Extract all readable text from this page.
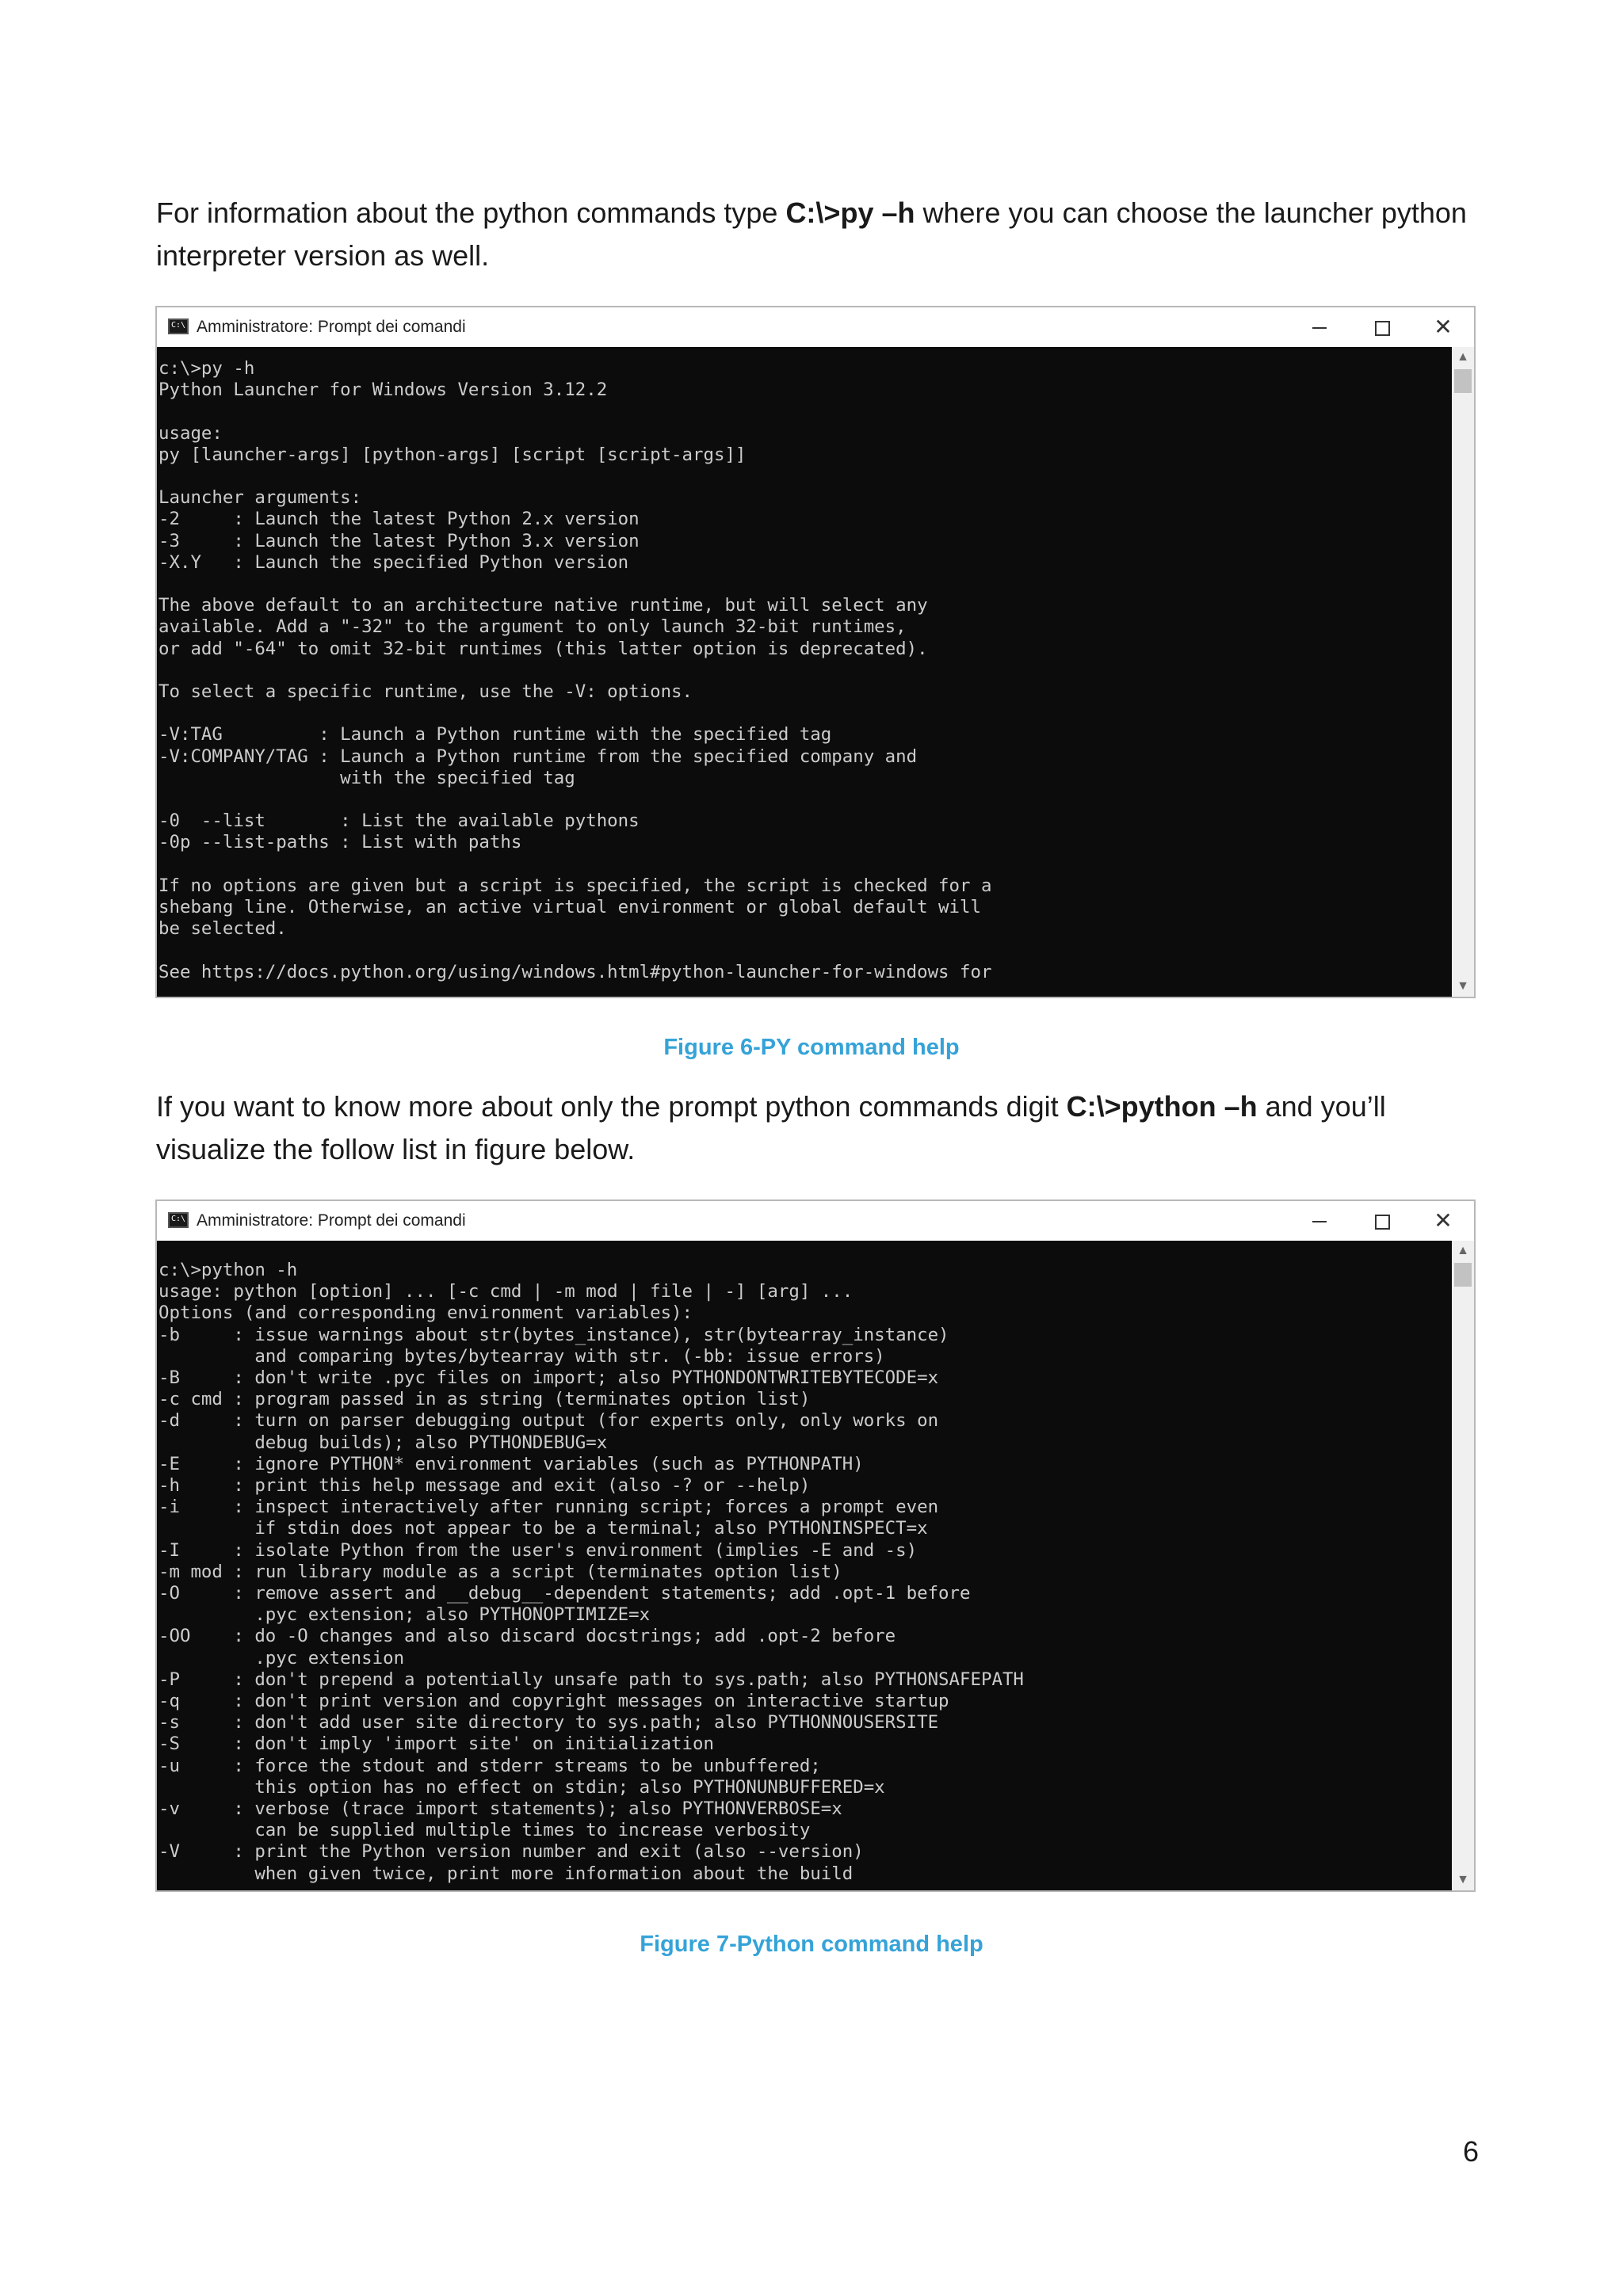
For information about the python commands type C:\>py –h where you can choose the launcher python interpreter version as well.
C:\
Amministratore: Prompt dei comandi	✕
c:\>py -h
Python Launcher for Windows Version 3.12.2

usage:
py [launcher-args] [python-args] [script [script-args]]

Launcher arguments:
-2     : Launch the latest Python 2.x version
-3     : Launch the latest Python 3.x version
-X.Y   : Launch the specified Python version

The above default to an architecture native runtime, but will select any
available. Add a "-32" to the argument to only launch 32-bit runtimes,
or add "-64" to omit 32-bit runtimes (this latter option is deprecated).

To select a specific runtime, use the -V: options.

-V:TAG         : Launch a Python runtime with the specified tag
-V:COMPANY/TAG : Launch a Python runtime from the specified company and
with the specified tag

-0  --list       : List the available pythons
-0p --list-paths : List with paths

If no options are given but a script is specified, the script is checked for a
shebang line. Otherwise, an active virtual environment or global default will
be selected.

See https://docs.python.org/using/windows.html#python-launcher-for-windows for
▲
▼
Figure 6-PY command help
If you want to know more about only the prompt python commands digit C:\>python –h and you’ll visualize the follow list in figure below.
C:\
Amministratore: Prompt dei comandi	✕
c:\>python -h
usage: python [option] ... [-c cmd | -m mod | file | -] [arg] ...
Options (and corresponding environment variables):
-b     : issue warnings about str(bytes_instance), str(bytearray_instance)
and comparing bytes/bytearray with str. (-bb: issue errors)
-B     : don't write .pyc files on import; also PYTHONDONTWRITEBYTECODE=x
-c cmd : program passed in as string (terminates option list)
-d     : turn on parser debugging output (for experts only, only works on
debug builds); also PYTHONDEBUG=x
-E     : ignore PYTHON* environment variables (such as PYTHONPATH)
-h     : print this help message and exit (also -? or --help)
-i     : inspect interactively after running script; forces a prompt even
if stdin does not appear to be a terminal; also PYTHONINSPECT=x
-I     : isolate Python from the user's environment (implies -E and -s)
-m mod : run library module as a script (terminates option list)
-O     : remove assert and __debug__-dependent statements; add .opt-1 before
.pyc extension; also PYTHONOPTIMIZE=x
-OO    : do -O changes and also discard docstrings; add .opt-2 before
.pyc extension
-P     : don't prepend a potentially unsafe path to sys.path; also PYTHONSAFEPATH
-q     : don't print version and copyright messages on interactive startup
-s     : don't add user site directory to sys.path; also PYTHONNOUSERSITE
-S     : don't imply 'import site' on initialization
-u     : force the stdout and stderr streams to be unbuffered;
this option has no effect on stdin; also PYTHONUNBUFFERED=x
-v     : verbose (trace import statements); also PYTHONVERBOSE=x
can be supplied multiple times to increase verbosity
-V     : print the Python version number and exit (also --version)
when given twice, print more information about the build
▲
▼
Figure 7-Python command help
6
